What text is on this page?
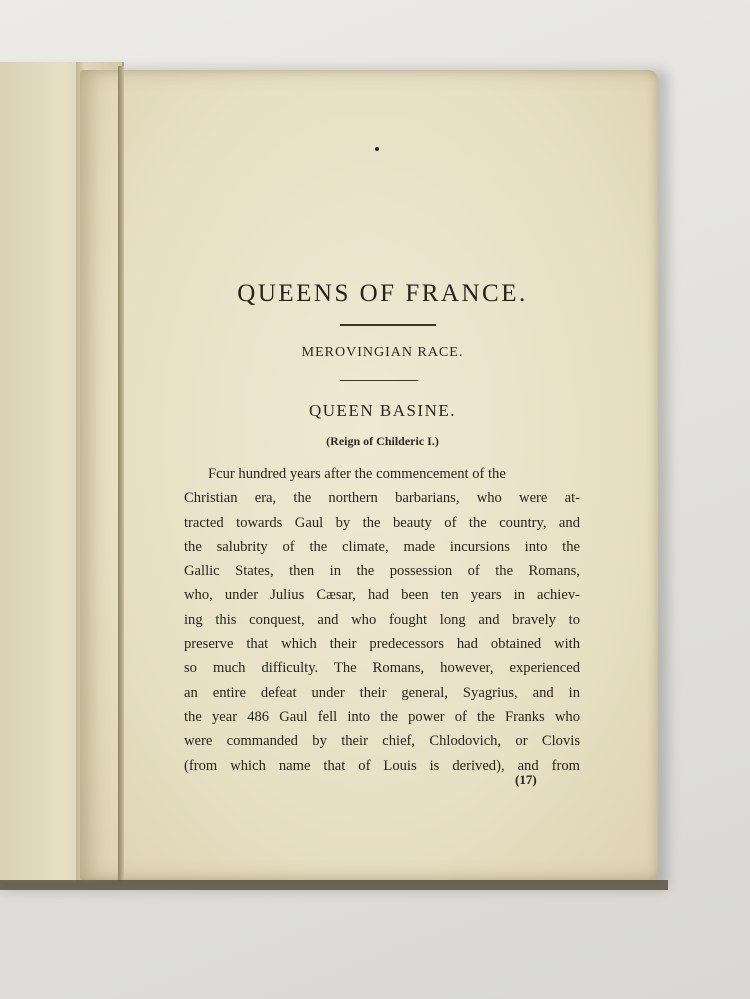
QUEENS OF FRANCE.
MEROVINGIAN RACE.
QUEEN BASINE.
(Reign of Childeric I.)
Fcur hundred years after the commencement of the
Christian era, the northern barbarians, who were at-
tracted towards Gaul by the beauty of the country, and
the salubrity of the climate, made incursions into the
Gallic States, then in the possession of the Romans,
who, under Julius Cæsar, had been ten years in achiev-
ing this conquest, and who fought long and bravely to
preserve that which their predecessors had obtained with
so much difficulty. The Romans, however, experienced
an entire defeat under their general, Syagrius, and in
the year 486 Gaul fell into the power of the Franks who
were commanded by their chief, Chlodovich, or Clovis
(from which name that of Louis is derived), and from
(17)
